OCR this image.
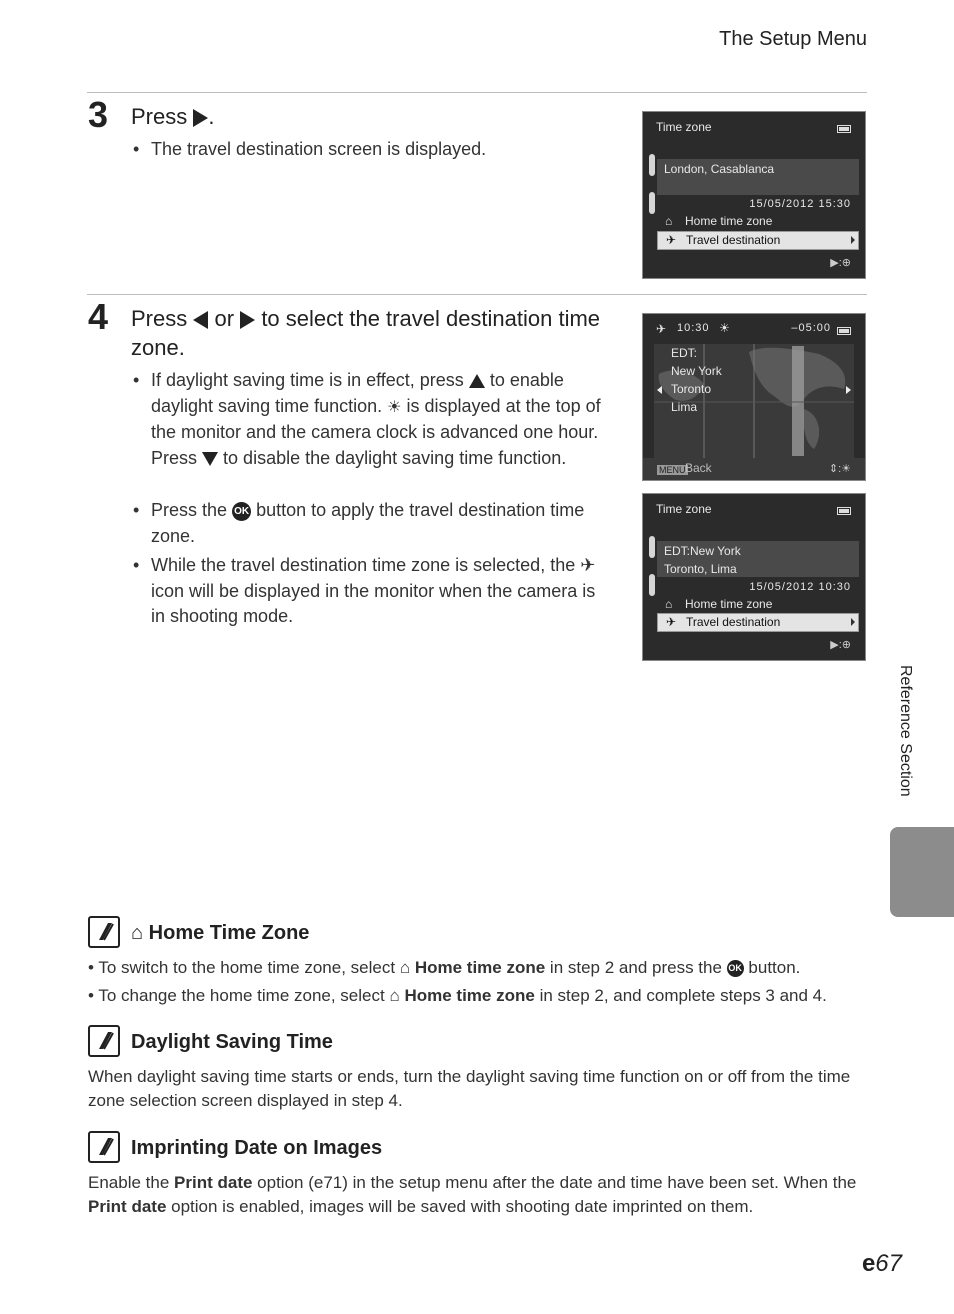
The Setup Menu
3 Press .
• The travel destination screen is displayed.
Time zone
London, Casablanca
15/05/2012 15:30
⌂ Home time zone
✈ Travel destination
▶:⊕
4 Press or to select the travel destination time zone.
• If daylight saving time is in effect, press to enable daylight saving time function. ☀ is displayed at the top of the monitor and the camera clock is advanced one hour. Press to disable the daylight saving time function.
• Press the OK button to apply the travel destination time zone.
• While the travel destination time zone is selected, the ✈ icon will be displayed in the monitor when the camera is in shooting mode.
✈ 10:30 ☀	–05:00
EDT:
New York
Toronto
Lima
MENU Back	⇕:☀
Time zone
EDT:New York
Toronto, Lima
15/05/2012 10:30
⌂ Home time zone
✈ Travel destination
▶:⊕
Reference Section
⌂ Home Time Zone
• To switch to the home time zone, select ⌂ Home time zone in step 2 and press the OK button.
• To change the home time zone, select ⌂ Home time zone in step 2, and complete steps 3 and 4.
Daylight Saving Time
When daylight saving time starts or ends, turn the daylight saving time function on or off from the time zone selection screen displayed in step 4.
Imprinting Date on Images
Enable the Print date option (e71) in the setup menu after the date and time have been set. When the Print date option is enabled, images will be saved with shooting date imprinted on them.
e67
